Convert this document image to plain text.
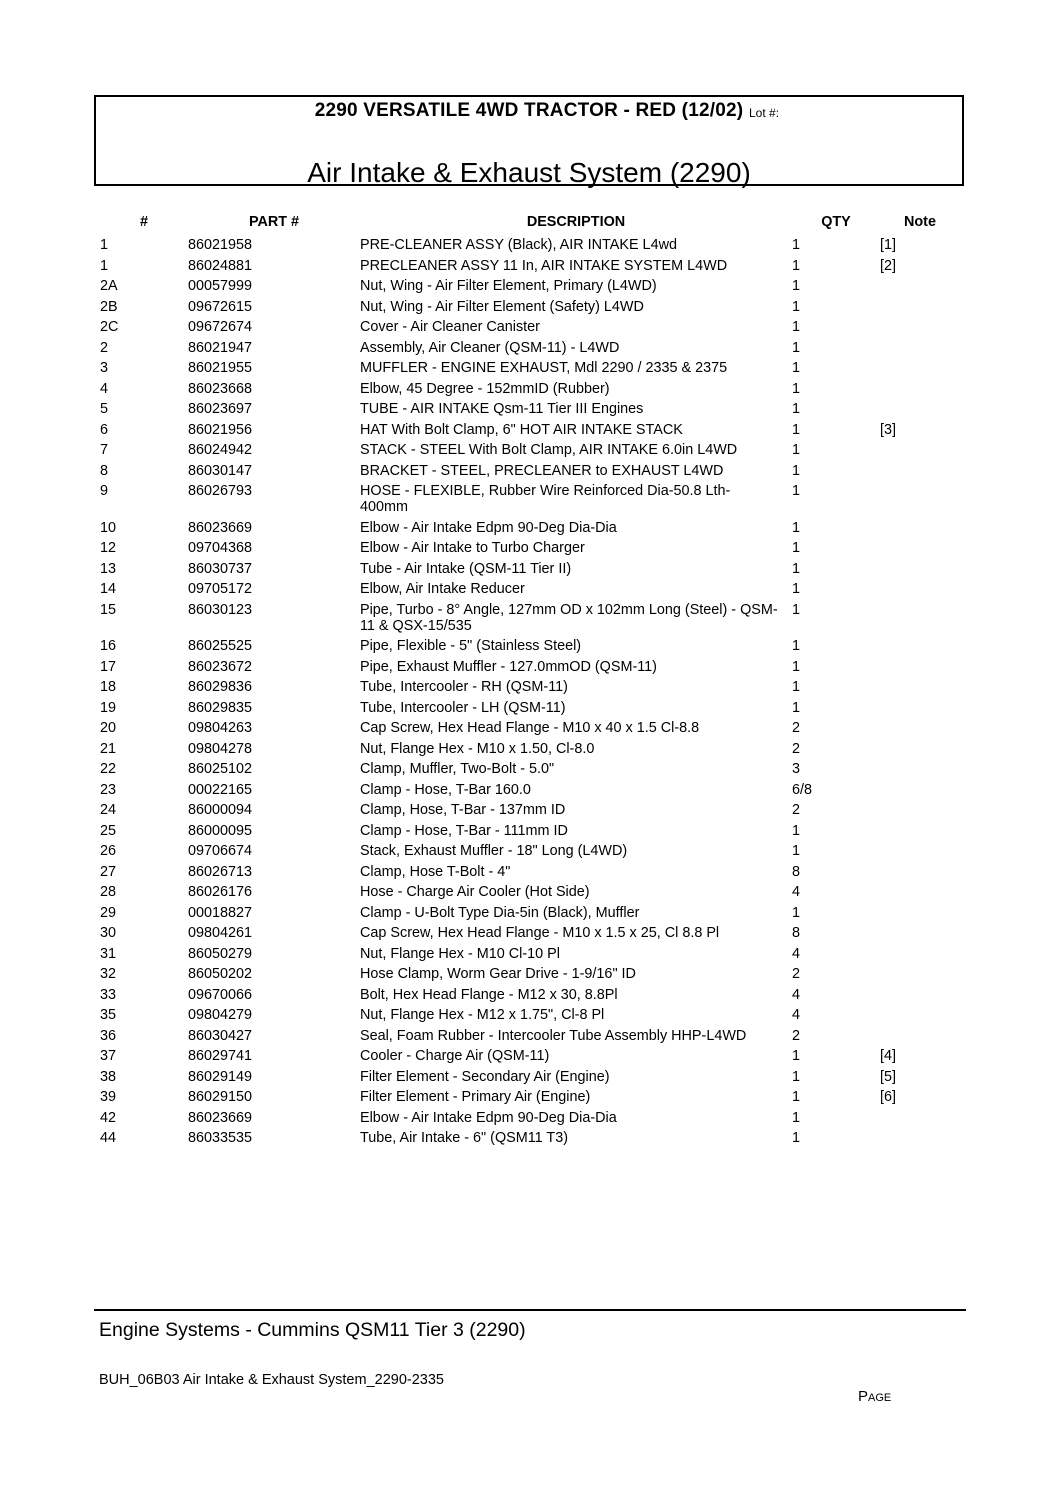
2290 VERSATILE 4WD TRACTOR - RED (12/02) Lot #:
Air Intake & Exhaust System (2290)
#	PART #	DESCRIPTION	QTY	Note
1	86021958	PRE-CLEANER ASSY (Black), AIR INTAKE L4wd	1	[1]
1	86024881	PRECLEANER ASSY 11 In, AIR INTAKE SYSTEM L4WD	1	[2]
2A	00057999	Nut, Wing - Air Filter Element, Primary (L4WD)	1	
2B	09672615	Nut, Wing - Air Filter Element (Safety) L4WD	1	
2C	09672674	Cover - Air Cleaner Canister	1	
2	86021947	Assembly, Air Cleaner (QSM-11) - L4WD	1	
3	86021955	MUFFLER - ENGINE EXHAUST, Mdl 2290 / 2335 & 2375	1	
4	86023668	Elbow, 45 Degree - 152mmID (Rubber)	1	
5	86023697	TUBE - AIR INTAKE Qsm-11 Tier III Engines	1	
6	86021956	HAT With Bolt Clamp, 6" HOT AIR INTAKE STACK	1	[3]
7	86024942	STACK - STEEL With Bolt Clamp, AIR INTAKE 6.0in L4WD	1	
8	86030147	BRACKET - STEEL, PRECLEANER to EXHAUST L4WD	1	
9	86026793	HOSE - FLEXIBLE, Rubber Wire Reinforced Dia-50.8 Lth-400mm	1	
10	86023669	Elbow - Air Intake Edpm 90-Deg Dia-Dia	1	
12	09704368	Elbow - Air Intake to Turbo Charger	1	
13	86030737	Tube - Air Intake (QSM-11 Tier II)	1	
14	09705172	Elbow, Air Intake Reducer	1	
15	86030123	Pipe, Turbo - 8° Angle, 127mm OD x 102mm Long (Steel) - QSM-11 & QSX-15/535	1	
16	86025525	Pipe, Flexible - 5" (Stainless Steel)	1	
17	86023672	Pipe, Exhaust Muffler - 127.0mmOD (QSM-11)	1	
18	86029836	Tube, Intercooler - RH (QSM-11)	1	
19	86029835	Tube, Intercooler - LH (QSM-11)	1	
20	09804263	Cap Screw, Hex Head Flange - M10 x 40 x 1.5 Cl-8.8	2	
21	09804278	Nut, Flange Hex - M10 x 1.50, Cl-8.0	2	
22	86025102	Clamp, Muffler, Two-Bolt - 5.0"	3	
23	00022165	Clamp - Hose, T-Bar 160.0	6/8	
24	86000094	Clamp, Hose, T-Bar - 137mm ID	2	
25	86000095	Clamp - Hose, T-Bar - 111mm ID	1	
26	09706674	Stack, Exhaust Muffler - 18" Long (L4WD)	1	
27	86026713	Clamp, Hose T-Bolt - 4"	8	
28	86026176	Hose - Charge Air Cooler (Hot Side)	4	
29	00018827	Clamp - U-Bolt Type Dia-5in (Black), Muffler	1	
30	09804261	Cap Screw, Hex Head Flange - M10 x 1.5 x 25, Cl 8.8 Pl	8	
31	86050279	Nut, Flange Hex - M10 Cl-10 Pl	4	
32	86050202	Hose Clamp, Worm Gear Drive - 1-9/16" ID	2	
33	09670066	Bolt, Hex Head Flange - M12 x 30, 8.8Pl	4	
35	09804279	Nut, Flange Hex - M12 x 1.75", Cl-8 Pl	4	
36	86030427	Seal, Foam Rubber - Intercooler Tube Assembly HHP-L4WD	2	
37	86029741	Cooler - Charge Air (QSM-11)	1	[4]
38	86029149	Filter Element - Secondary Air (Engine)	1	[5]
39	86029150	Filter Element - Primary Air (Engine)	1	[6]
42	86023669	Elbow - Air Intake Edpm 90-Deg Dia-Dia	1	
44	86033535	Tube, Air Intake - 6" (QSM11 T3)	1	
Engine Systems - Cummins QSM11 Tier 3 (2290)
BUH_06B03 Air Intake & Exhaust System_2290-2335
Page
